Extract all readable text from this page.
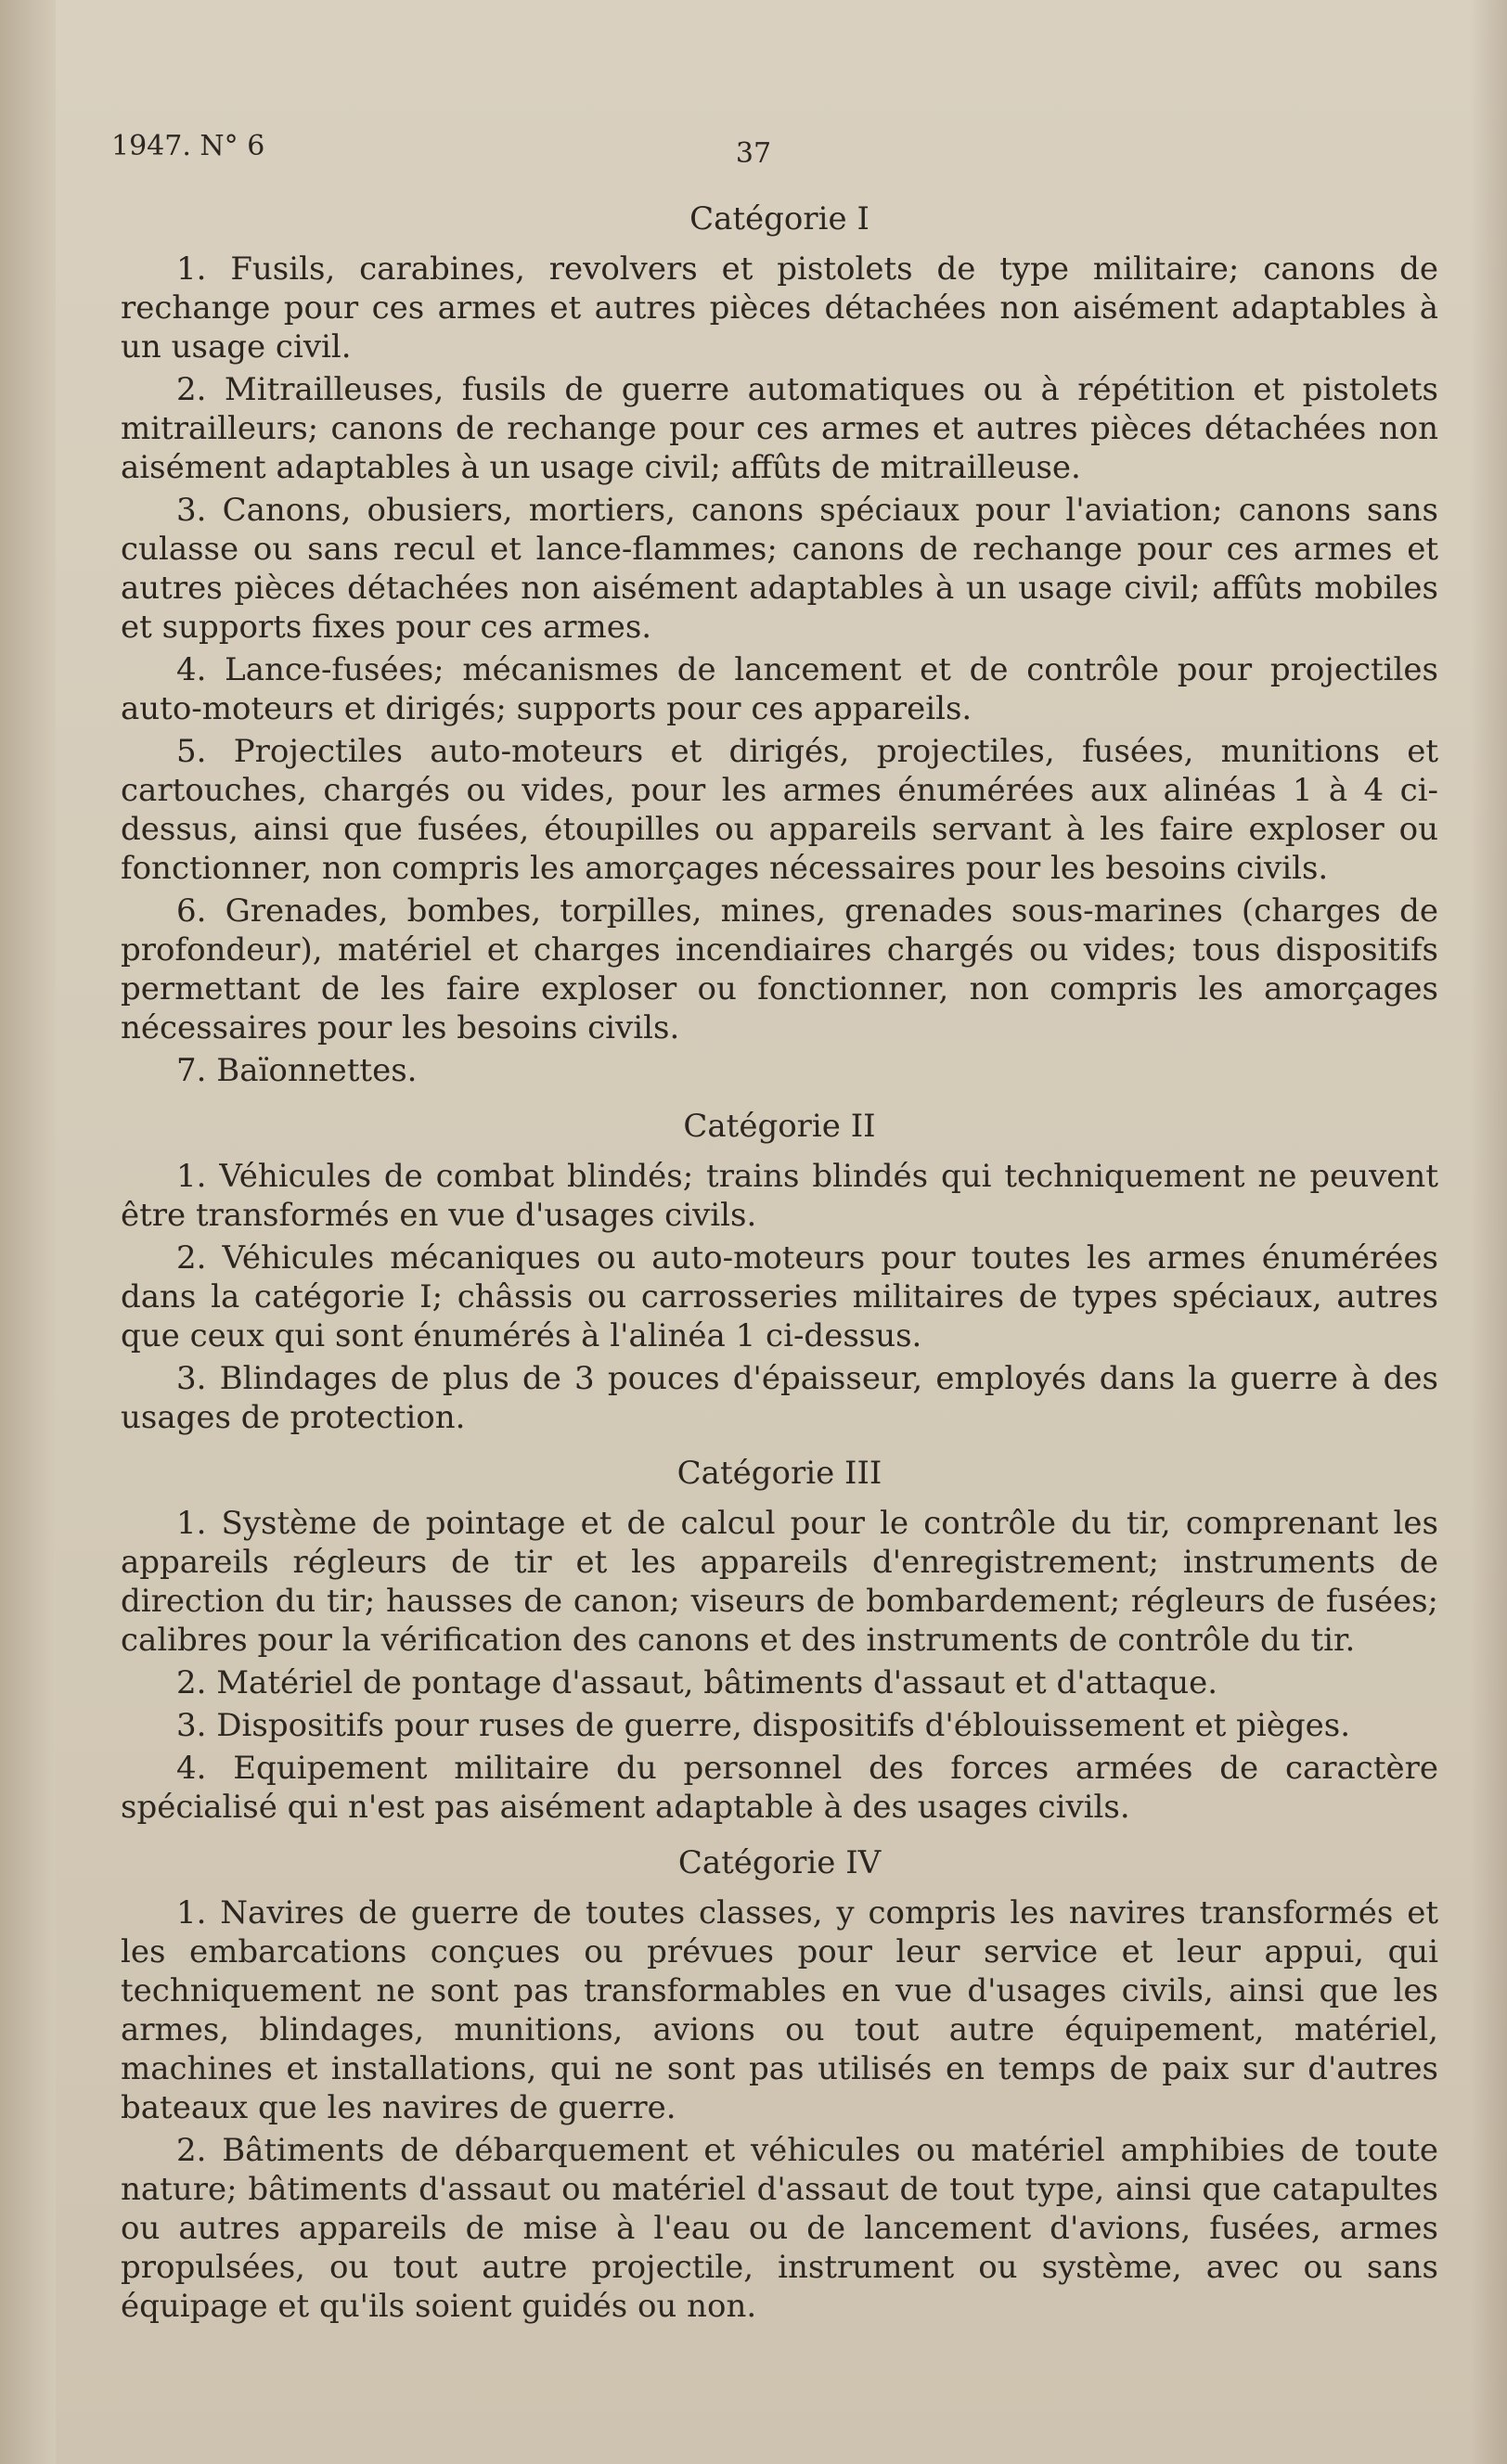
1947. N° 6	37
Catégorie I

1. Fusils, carabines, revolvers et pistolets de type militaire; canons de rechange pour ces armes et autres pièces détachées non aisément adaptables à un usage civil.

2. Mitrailleuses, fusils de guerre automatiques ou à répétition et pistolets mitrailleurs; canons de rechange pour ces armes et autres pièces détachées non aisément adaptables à un usage civil; affûts de mitrailleuse.

3. Canons, obusiers, mortiers, canons spéciaux pour l'aviation; canons sans culasse ou sans recul et lance-flammes; canons de rechange pour ces armes et autres pièces détachées non aisément adaptables à un usage civil; affûts mobiles et supports fixes pour ces armes.

4. Lance-fusées; mécanismes de lancement et de contrôle pour projectiles auto-moteurs et dirigés; supports pour ces appareils.

5. Projectiles auto-moteurs et dirigés, projectiles, fusées, munitions et cartouches, chargés ou vides, pour les armes énumérées aux alinéas 1 à 4 ci-dessus, ainsi que fusées, étoupilles ou appareils servant à les faire exploser ou fonctionner, non compris les amorçages nécessaires pour les besoins civils.

6. Grenades, bombes, torpilles, mines, grenades sous-marines (charges de profondeur), matériel et charges incendiaires chargés ou vides; tous dispositifs permettant de les faire exploser ou fonctionner, non compris les amorçages nécessaires pour les besoins civils.

7. Baïonnettes.

Catégorie II

1. Véhicules de combat blindés; trains blindés qui techniquement ne peuvent être transformés en vue d'usages civils.

2. Véhicules mécaniques ou auto-moteurs pour toutes les armes énumérées dans la catégorie I; châssis ou carrosseries militaires de types spéciaux, autres que ceux qui sont énumérés à l'alinéa 1 ci-dessus.

3. Blindages de plus de 3 pouces d'épaisseur, employés dans la guerre à des usages de protection.

Catégorie III

1. Système de pointage et de calcul pour le contrôle du tir, comprenant les appareils régleurs de tir et les appareils d'enregistrement; instruments de direction du tir; hausses de canon; viseurs de bombardement; régleurs de fusées; calibres pour la vérification des canons et des instruments de contrôle du tir.

2. Matériel de pontage d'assaut, bâtiments d'assaut et d'attaque.

3. Dispositifs pour ruses de guerre, dispositifs d'éblouissement et pièges.

4. Equipement militaire du personnel des forces armées de caractère spécialisé qui n'est pas aisément adaptable à des usages civils.

Catégorie IV

1. Navires de guerre de toutes classes, y compris les navires transformés et les embarcations conçues ou prévues pour leur service et leur appui, qui techniquement ne sont pas transformables en vue d'usages civils, ainsi que les armes, blindages, munitions, avions ou tout autre équipement, matériel, machines et installations, qui ne sont pas utilisés en temps de paix sur d'autres bateaux que les navires de guerre.

2. Bâtiments de débarquement et véhicules ou matériel amphibies de toute nature; bâtiments d'assaut ou matériel d'assaut de tout type, ainsi que catapultes ou autres appareils de mise à l'eau ou de lancement d'avions, fusées, armes propulsées, ou tout autre projectile, instrument ou système, avec ou sans équipage et qu'ils soient guidés ou non.
